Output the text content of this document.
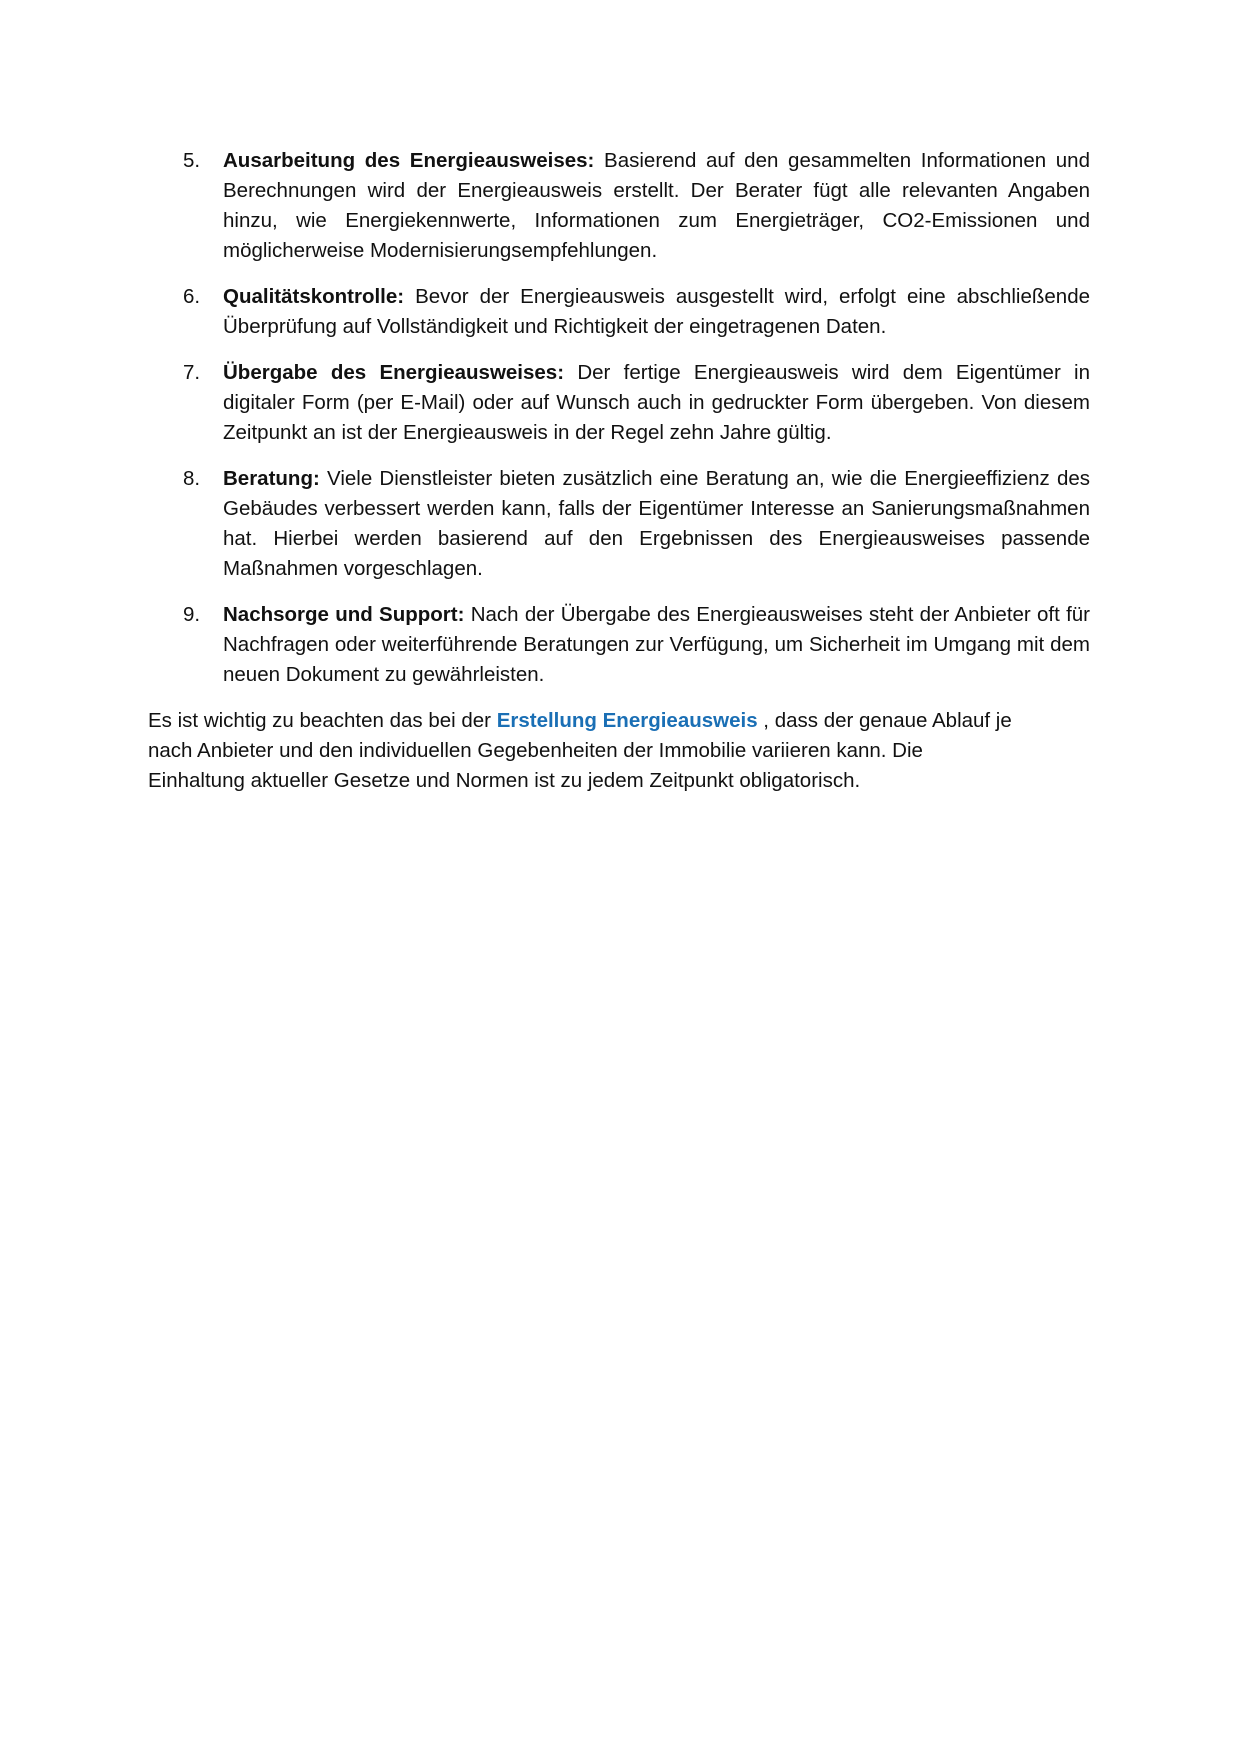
5. Ausarbeitung des Energieausweises: Basierend auf den gesammelten Informationen und Berechnungen wird der Energieausweis erstellt. Der Berater fügt alle relevanten Angaben hinzu, wie Energiekennwerte, Informationen zum Energieträger, CO2-Emissionen und möglicherweise Modernisierungsempfehlungen.
6. Qualitätskontrolle: Bevor der Energieausweis ausgestellt wird, erfolgt eine abschließende Überprüfung auf Vollständigkeit und Richtigkeit der eingetragenen Daten.
7. Übergabe des Energieausweises: Der fertige Energieausweis wird dem Eigentümer in digitaler Form (per E-Mail) oder auf Wunsch auch in gedruckter Form übergeben. Von diesem Zeitpunkt an ist der Energieausweis in der Regel zehn Jahre gültig.
8. Beratung: Viele Dienstleister bieten zusätzlich eine Beratung an, wie die Energieeffizienz des Gebäudes verbessert werden kann, falls der Eigentümer Interesse an Sanierungsmaßnahmen hat. Hierbei werden basierend auf den Ergebnissen des Energieausweises passende Maßnahmen vorgeschlagen.
9. Nachsorge und Support: Nach der Übergabe des Energieausweises steht der Anbieter oft für Nachfragen oder weiterführende Beratungen zur Verfügung, um Sicherheit im Umgang mit dem neuen Dokument zu gewährleisten.

Es ist wichtig zu beachten das bei der Erstellung Energieausweis , dass der genaue Ablauf je
nach Anbieter und den individuellen Gegebenheiten der Immobilie variieren kann. Die
Einhaltung aktueller Gesetze und Normen ist zu jedem Zeitpunkt obligatorisch.
